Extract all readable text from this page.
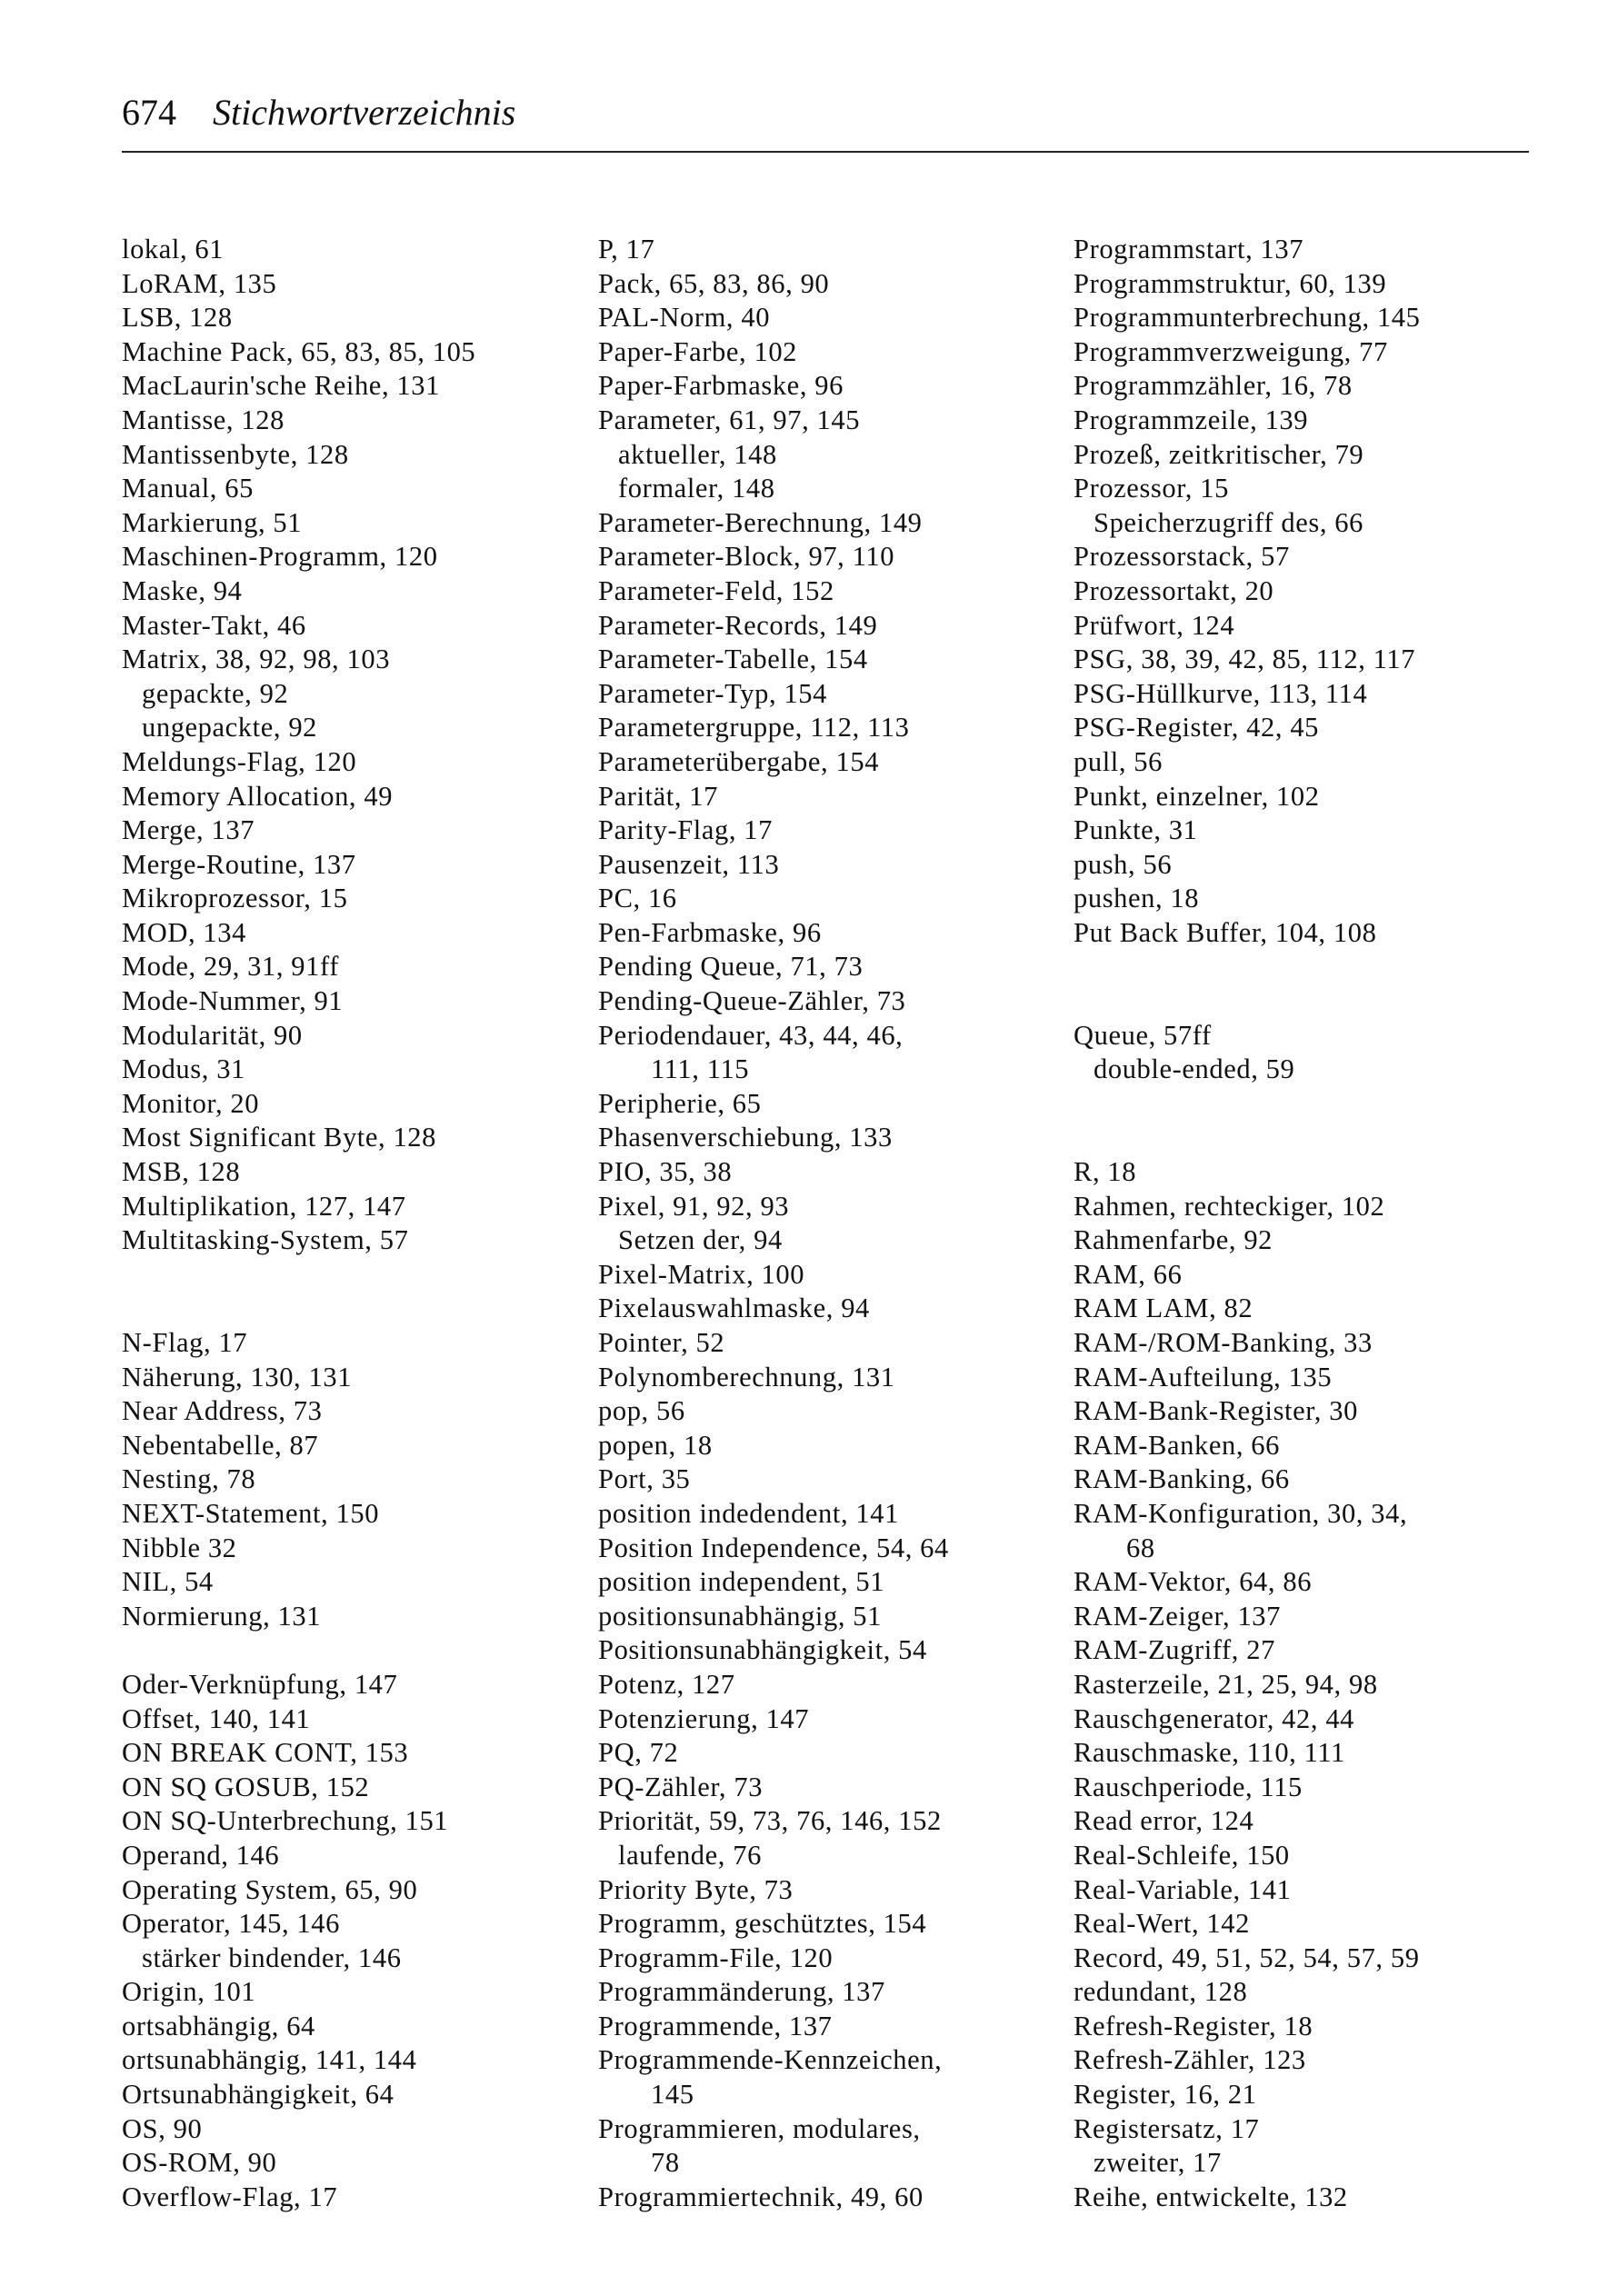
674 Stichwortverzeichnis
lokal, 61
LoRAM, 135
LSB, 128
Machine Pack, 65, 83, 85, 105
MacLaurin'sche Reihe, 131
Mantisse, 128
Mantissenbyte, 128
Manual, 65
Markierung, 51
Maschinen-Programm, 120
Maske, 94
Master-Takt, 46
Matrix, 38, 92, 98, 103
gepackte, 92
ungepackte, 92
Meldungs-Flag, 120
Memory Allocation, 49
Merge, 137
Merge-Routine, 137
Mikroprozessor, 15
MOD, 134
Mode, 29, 31, 91ff
Mode-Nummer, 91
Modularität, 90
Modus, 31
Monitor, 20
Most Significant Byte, 128
MSB, 128
Multiplikation, 127, 147
Multitasking-System, 57
N-Flag, 17
Näherung, 130, 131
Near Address, 73
Nebentabelle, 87
Nesting, 78
NEXT-Statement, 150
Nibble 32
NIL, 54
Normierung, 131
Oder-Verknüpfung, 147
Offset, 140, 141
ON BREAK CONT, 153
ON SQ GOSUB, 152
ON SQ-Unterbrechung, 151
Operand, 146
Operating System, 65, 90
Operator, 145, 146
stärker bindender, 146
Origin, 101
ortsabhängig, 64
ortsunabhängig, 141, 144
Ortsunabhängigkeit, 64
OS, 90
OS-ROM, 90
Overflow-Flag, 17
P, 17
Pack, 65, 83, 86, 90
PAL-Norm, 40
Paper-Farbe, 102
Paper-Farbmaske, 96
Parameter, 61, 97, 145
aktueller, 148
formaler, 148
Parameter-Berechnung, 149
Parameter-Block, 97, 110
Parameter-Feld, 152
Parameter-Records, 149
Parameter-Tabelle, 154
Parameter-Typ, 154
Parametergruppe, 112, 113
Parameterübergabe, 154
Parität, 17
Parity-Flag, 17
Pausenzeit, 113
PC, 16
Pen-Farbmaske, 96
Pending Queue, 71, 73
Pending-Queue-Zähler, 73
Periodendauer, 43, 44, 46,
111, 115
Peripherie, 65
Phasenverschiebung, 133
PIO, 35, 38
Pixel, 91, 92, 93
Setzen der, 94
Pixel-Matrix, 100
Pixelauswahlmaske, 94
Pointer, 52
Polynomberechnung, 131
pop, 56
popen, 18
Port, 35
position indedendent, 141
Position Independence, 54, 64
position independent, 51
positionsunabhängig, 51
Positionsunabhängigkeit, 54
Potenz, 127
Potenzierung, 147
PQ, 72
PQ-Zähler, 73
Priorität, 59, 73, 76, 146, 152
laufende, 76
Priority Byte, 73
Programm, geschütztes, 154
Programm-File, 120
Programmänderung, 137
Programmende, 137
Programmende-Kennzeichen,
145
Programmieren, modulares,
78
Programmiertechnik, 49, 60
Programmstart, 137
Programmstruktur, 60, 139
Programmunterbrechung, 145
Programmverzweigung, 77
Programmzähler, 16, 78
Programmzeile, 139
Prozeß, zeitkritischer, 79
Prozessor, 15
Speicherzugriff des, 66
Prozessorstack, 57
Prozessortakt, 20
Prüfwort, 124
PSG, 38, 39, 42, 85, 112, 117
PSG-Hüllkurve, 113, 114
PSG-Register, 42, 45
pull, 56
Punkt, einzelner, 102
Punkte, 31
push, 56
pushen, 18
Put Back Buffer, 104, 108
Queue, 57ff
double-ended, 59
R, 18
Rahmen, rechteckiger, 102
Rahmenfarbe, 92
RAM, 66
RAM LAM, 82
RAM-/ROM-Banking, 33
RAM-Aufteilung, 135
RAM-Bank-Register, 30
RAM-Banken, 66
RAM-Banking, 66
RAM-Konfiguration, 30, 34,
68
RAM-Vektor, 64, 86
RAM-Zeiger, 137
RAM-Zugriff, 27
Rasterzeile, 21, 25, 94, 98
Rauschgenerator, 42, 44
Rauschmaske, 110, 111
Rauschperiode, 115
Read error, 124
Real-Schleife, 150
Real-Variable, 141
Real-Wert, 142
Record, 49, 51, 52, 54, 57, 59
redundant, 128
Refresh-Register, 18
Refresh-Zähler, 123
Register, 16, 21
Registersatz, 17
zweiter, 17
Reihe, entwickelte, 132
